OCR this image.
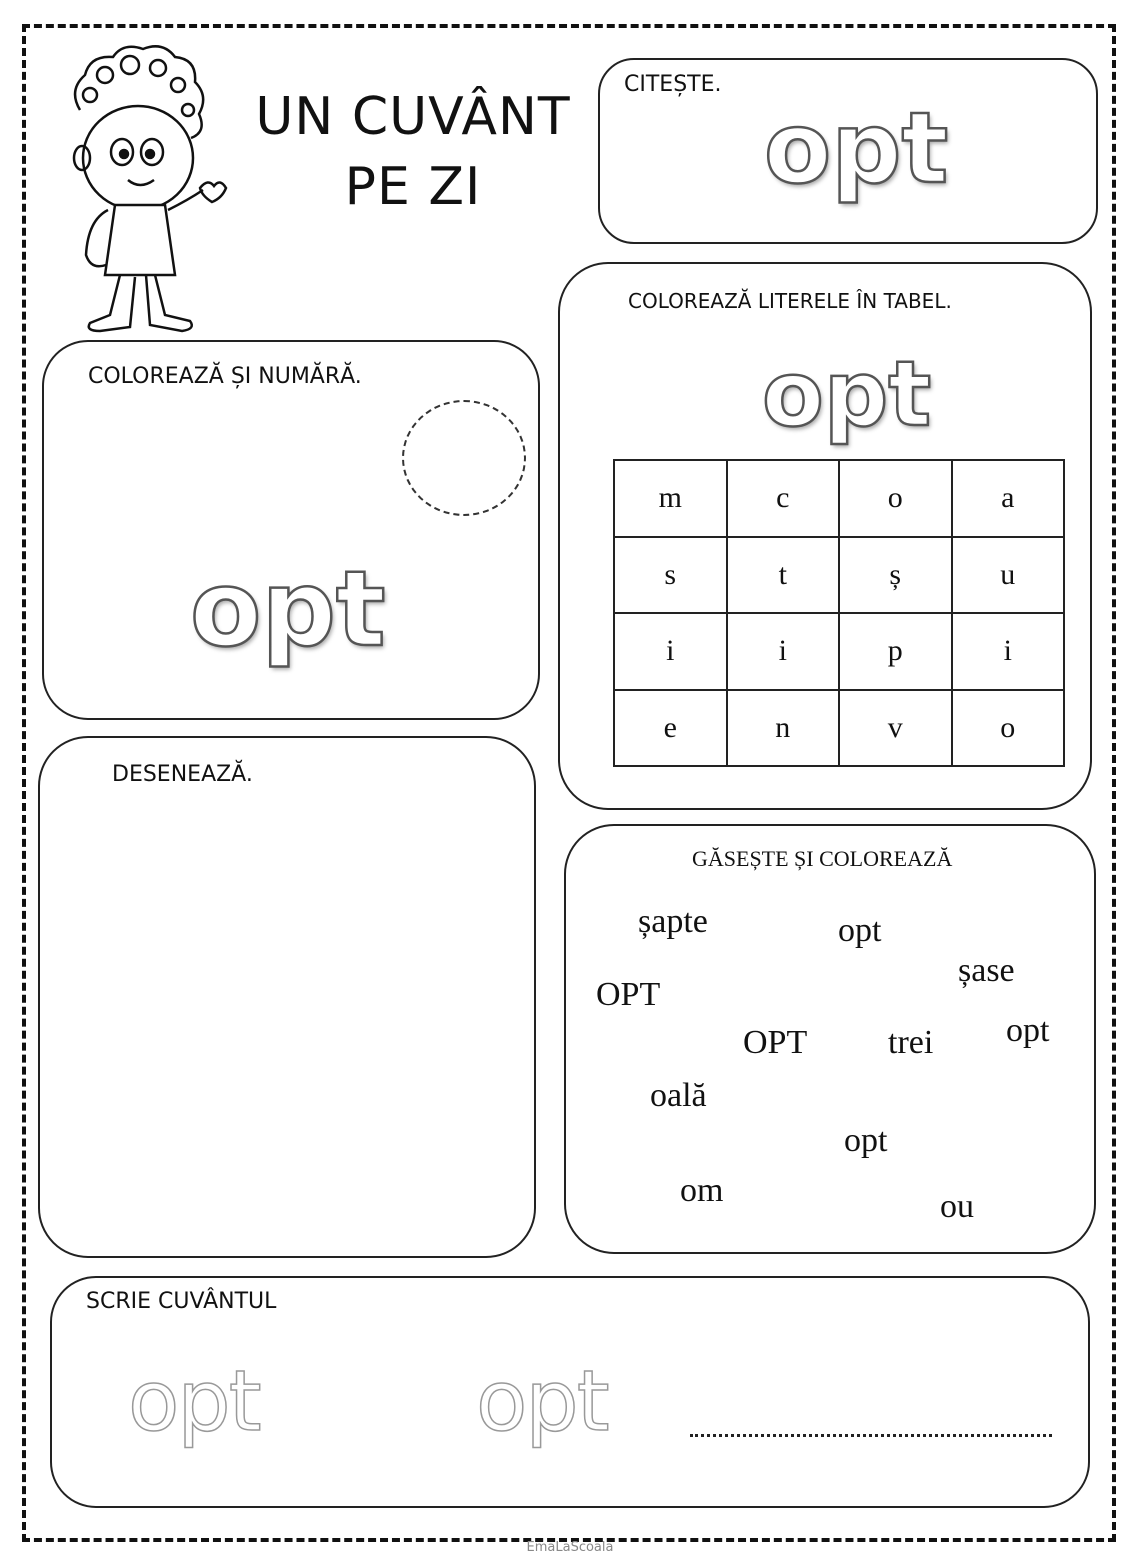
UN CUVÂNT
PE ZI
CITEȘTE.
opt
COLOREAZĂ ȘI NUMĂRĂ.
opt
COLOREAZĂ LITERELE ÎN TABEL.
opt
m	c	o	a
s	t	ș	u
i	i	p	i
e	n	v	o
DESENEAZĂ.
GĂSEȘTE ȘI COLOREAZĂ
șapte	opt
șase
OPT
OPT trei opt
oală
opt
om	ou
SCRIE CUVÂNTUL
opt	opt
EmaLaScoala
